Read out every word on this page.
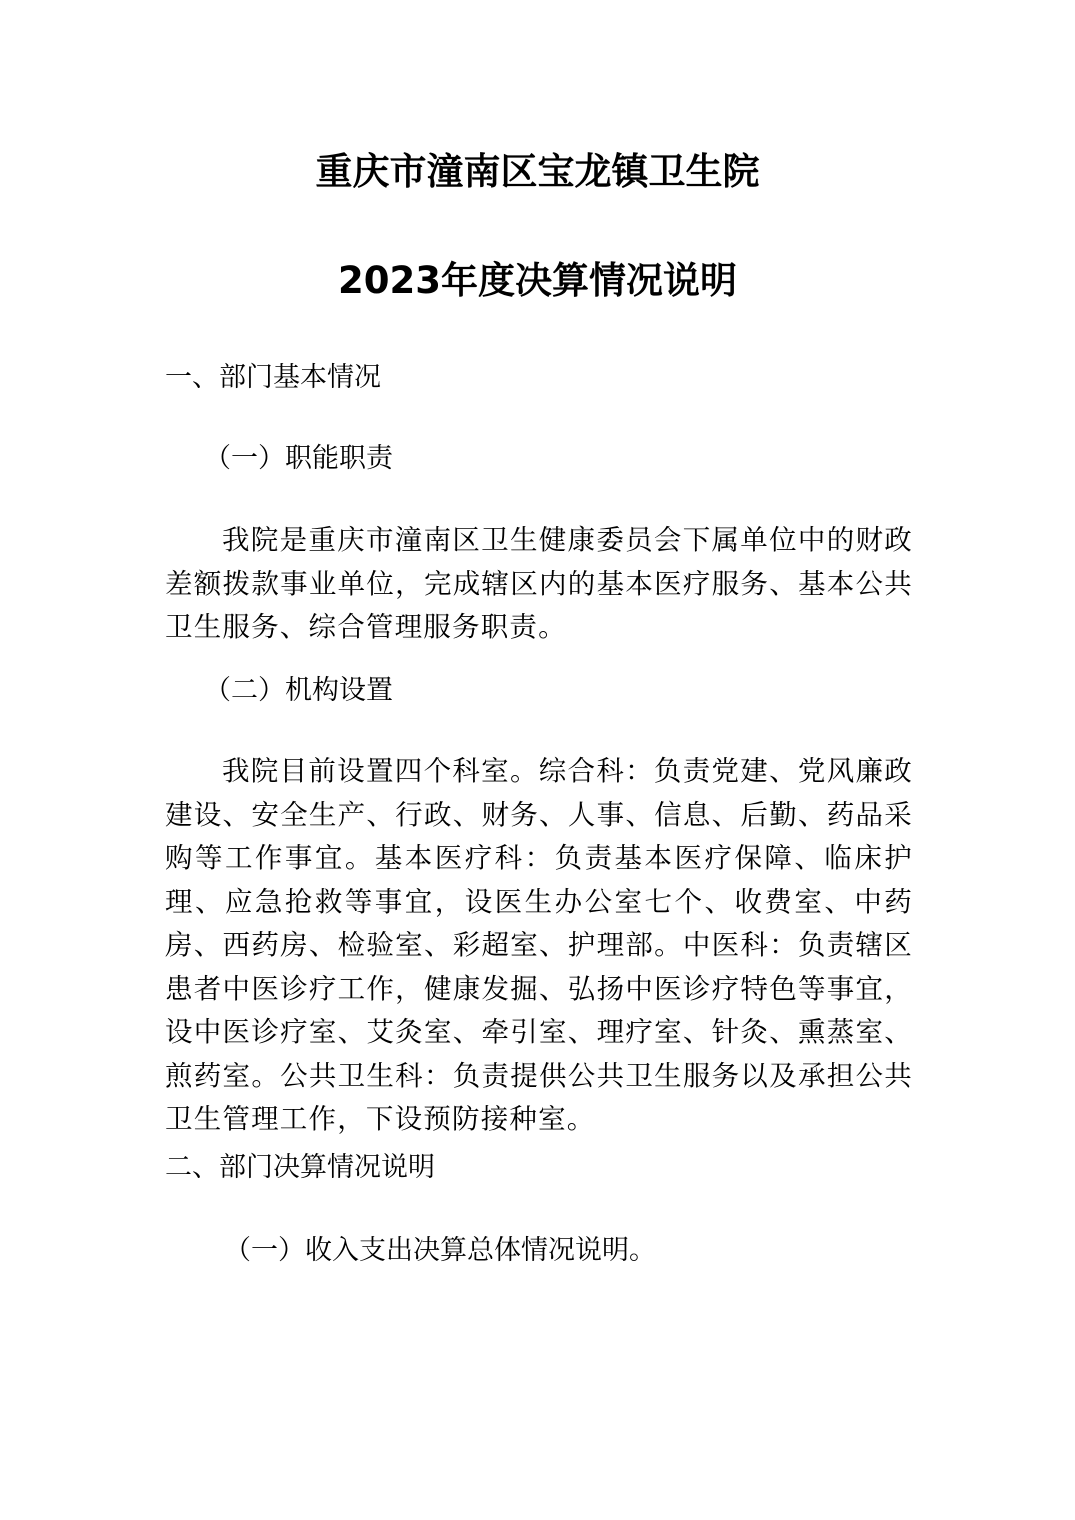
重庆市潼南区宝龙镇卫生院
2023年度决算情况说明
一、部门基本情况
（一）职能职责
我院是重庆市潼南区卫生健康委员会下属单位中的财政差额拨款事业单位，完成辖区内的基本医疗服务、基本公共卫生服务、综合管理服务职责。
（二）机构设置
我院目前设置四个科室。综合科：负责党建、党风廉政建设、安全生产、行政、财务、人事、信息、后勤、药品采购等工作事宜。基本医疗科：负责基本医疗保障、临床护理、应急抢救等事宜，设医生办公室七个、收费室、中药房、西药房、检验室、彩超室、护理部。中医科：负责辖区患者中医诊疗工作，健康发掘、弘扬中医诊疗特色等事宜，设中医诊疗室、艾灸室、牵引室、理疗室、针灸、熏蒸室、煎药室。公共卫生科：负责提供公共卫生服务以及承担公共卫生管理工作，下设预防接种室。
二、部门决算情况说明
（一）收入支出决算总体情况说明。
